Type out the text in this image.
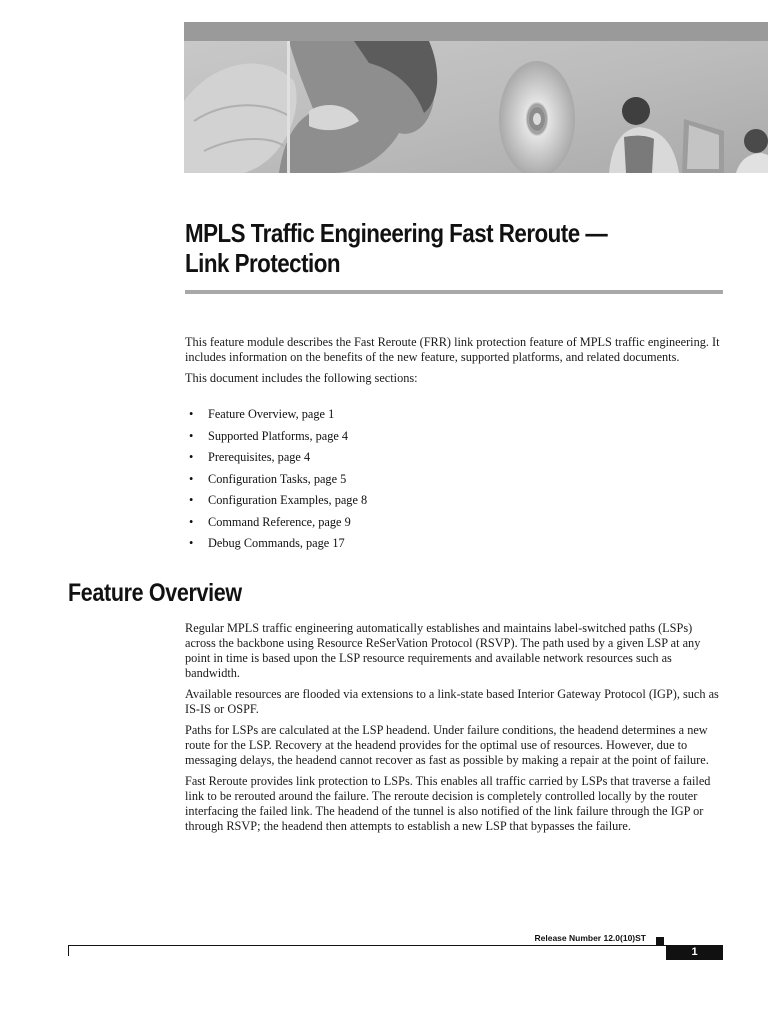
MPLS Traffic Engineering Fast Reroute —
Link Protection

This feature module describes the Fast Reroute (FRR) link protection feature of MPLS traffic engineering. It includes information on the benefits of the new feature, supported platforms, and related documents.

This document includes the following sections:

• Feature Overview, page 1
• Supported Platforms, page 4
• Prerequisites, page 4
• Configuration Tasks, page 5
• Configuration Examples, page 8
• Command Reference, page 9
• Debug Commands, page 17
Feature Overview

Regular MPLS traffic engineering automatically establishes and maintains label-switched paths (LSPs) across the backbone using Resource ReSerVation Protocol (RSVP). The path used by a given LSP at any point in time is based upon the LSP resource requirements and available network resources such as bandwidth.

Available resources are flooded via extensions to a link-state based Interior Gateway Protocol (IGP), such as IS-IS or OSPF.

Paths for LSPs are calculated at the LSP headend. Under failure conditions, the headend determines a new route for the LSP. Recovery at the headend provides for the optimal use of resources. However, due to messaging delays, the headend cannot recover as fast as possible by making a repair at the point of failure.

Fast Reroute provides link protection to LSPs. This enables all traffic carried by LSPs that traverse a failed link to be rerouted around the failure. The reroute decision is completely controlled locally by the router interfacing the failed link. The headend of the tunnel is also notified of the link failure through the IGP or through RSVP; the headend then attempts to establish a new LSP that bypasses the failure.

Release Number 12.0(10)ST
1
